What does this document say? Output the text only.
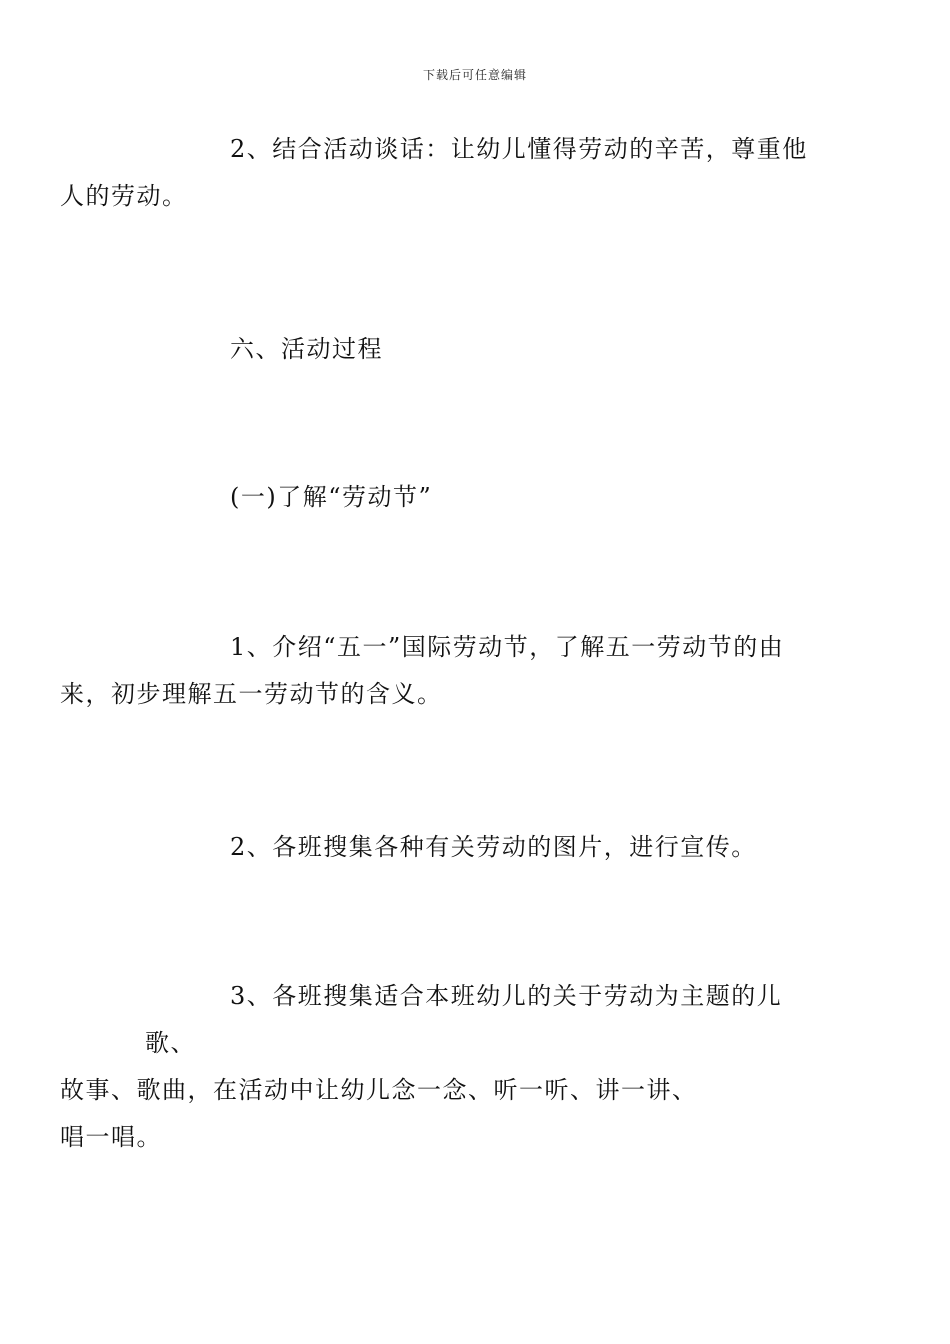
下载后可任意编辑

2、结合活动谈话：让幼儿懂得劳动的辛苦，尊重他
人的劳动。

六、活动过程

(一)了解“劳动节”

1、介绍“五一”国际劳动节，了解五一劳动节的由
来，初步理解五一劳动节的含义。

2、各班搜集各种有关劳动的图片，进行宣传。

3、各班搜集适合本班幼儿的关于劳动为主题的儿歌、
故事、歌曲，在活动中让幼儿念一念、听一听、讲一讲、
唱一唱。
